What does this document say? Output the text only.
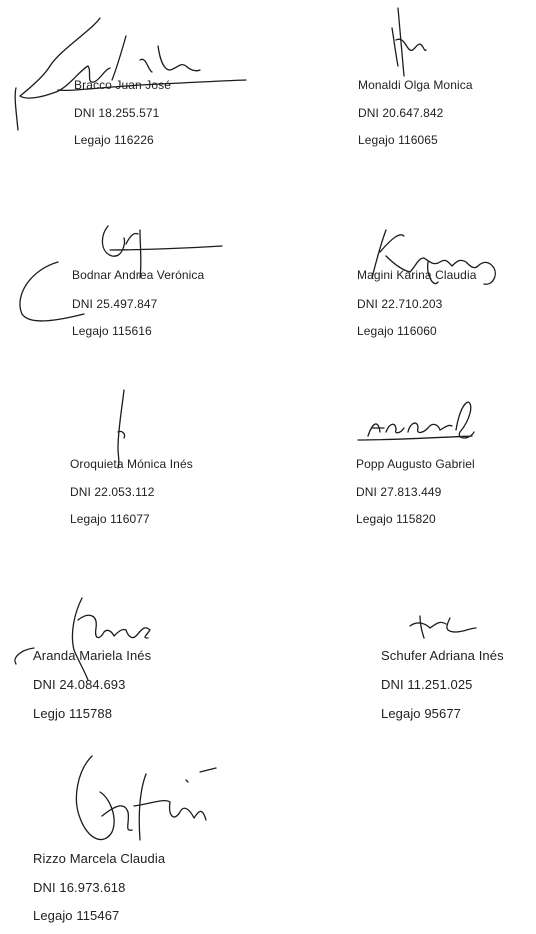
Bracco Juan José
DNI 18.255.571
Legajo 116226
Monaldi Olga Monica
DNI 20.647.842
Legajo 116065
Bodnar Andrea Verónica
DNI 25.497.847
Legajo 115616
Magini Karina Claudia
DNI 22.710.203
Legajo 116060
Oroquieta Mónica Inés
DNI 22.053.112
Legajo 116077
Popp Augusto Gabriel
DNI 27.813.449
Legajo 115820
Aranda Mariela Inés
DNI 24.084.693
Legjo 115788
Schufer Adriana Inés
DNI 11.251.025
Legajo 95677
Rizzo Marcela Claudia
DNI 16.973.618
Legajo 115467
